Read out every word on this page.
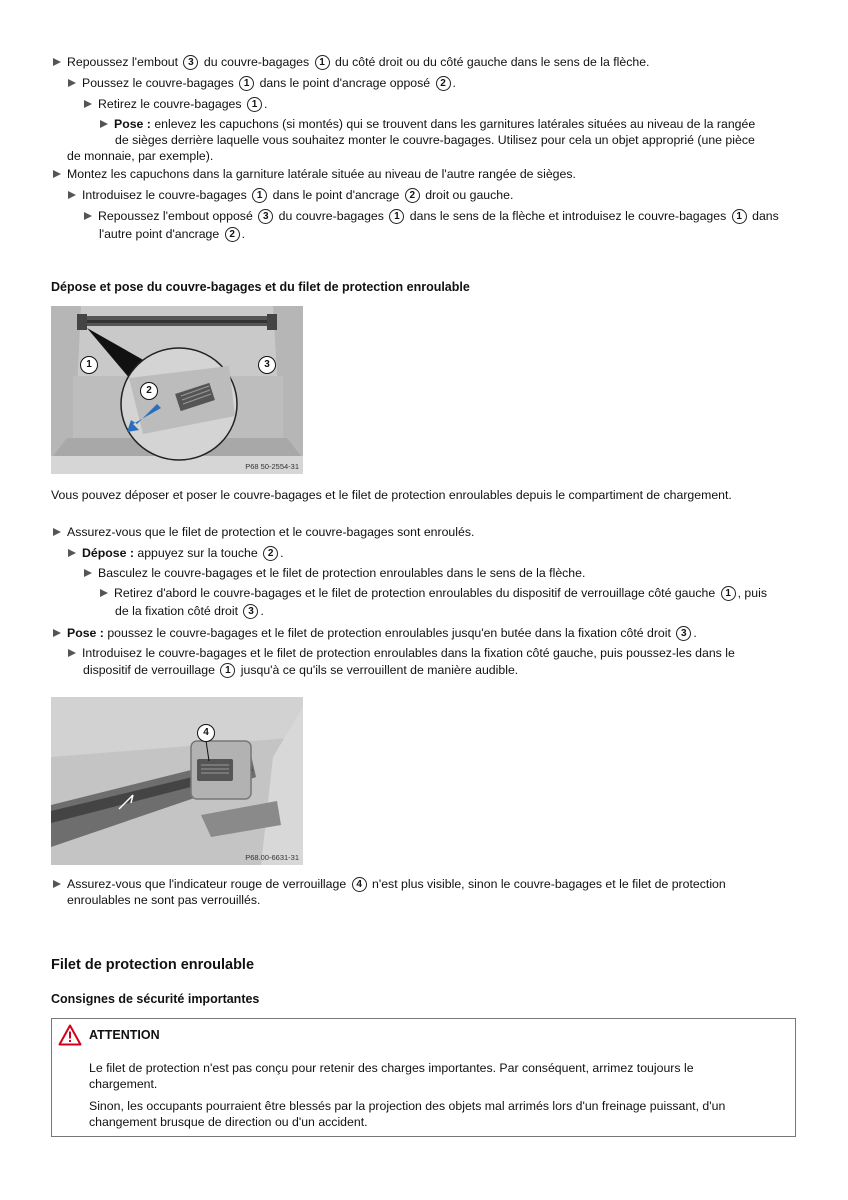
Repoussez l'embout 3 du couvre-bagages 1 du côté droit ou du côté gauche dans le sens de la flèche.
Poussez le couvre-bagages 1 dans le point d'ancrage opposé 2 .
Retirez le couvre-bagages 1 .
Pose : enlevez les capuchons (si montés) qui se trouvent dans les garnitures latérales situées au niveau de la rangée
de sièges derrière laquelle vous souhaitez monter le couvre-bagages. Utilisez pour cela un objet approprié (une pièce
de monnaie, par exemple).
Montez les capuchons dans la garniture latérale située au niveau de l'autre rangée de sièges.
Introduisez le couvre-bagages 1 dans le point d'ancrage 2 droit ou gauche.
Repoussez l'embout opposé 3 du couvre-bagages 1 dans le sens de la flèche et introduisez le couvre-bagages 1 dans
l'autre point d'ancrage 2 .
Dépose et pose du couvre-bagages et du filet de protection enroulable
1
2
3
P68 50-2554-31
Vous pouvez déposer et poser le couvre-bagages et le filet de protection enroulables depuis le compartiment de chargement.
Assurez-vous que le filet de protection et le couvre-bagages sont enroulés.
Dépose : appuyez sur la touche 2 .
Basculez le couvre-bagages et le filet de protection enroulables dans le sens de la flèche.
Retirez d'abord le couvre-bagages et le filet de protection enroulables du dispositif de verrouillage côté gauche 1 , puis
de la fixation côté droit 3 .
Pose : poussez le couvre-bagages et le filet de protection enroulables jusqu'en butée dans la fixation côté droit 3 .
Introduisez le couvre-bagages et le filet de protection enroulables dans la fixation côté gauche, puis poussez-les dans le
dispositif de verrouillage 1 jusqu'à ce qu'ils se verrouillent de manière audible.
4
P68.00-6631-31
Assurez-vous que l'indicateur rouge de verrouillage 4 n'est plus visible, sinon le couvre-bagages et le filet de protection
enroulables ne sont pas verrouillés.
Filet de protection enroulable
Consignes de sécurité importantes
ATTENTION
Le filet de protection n'est pas conçu pour retenir des charges importantes. Par conséquent, arrimez toujours le
chargement.
Sinon, les occupants pourraient être blessés par la projection des objets mal arrimés lors d'un freinage puissant, d'un
changement brusque de direction ou d'un accident.
